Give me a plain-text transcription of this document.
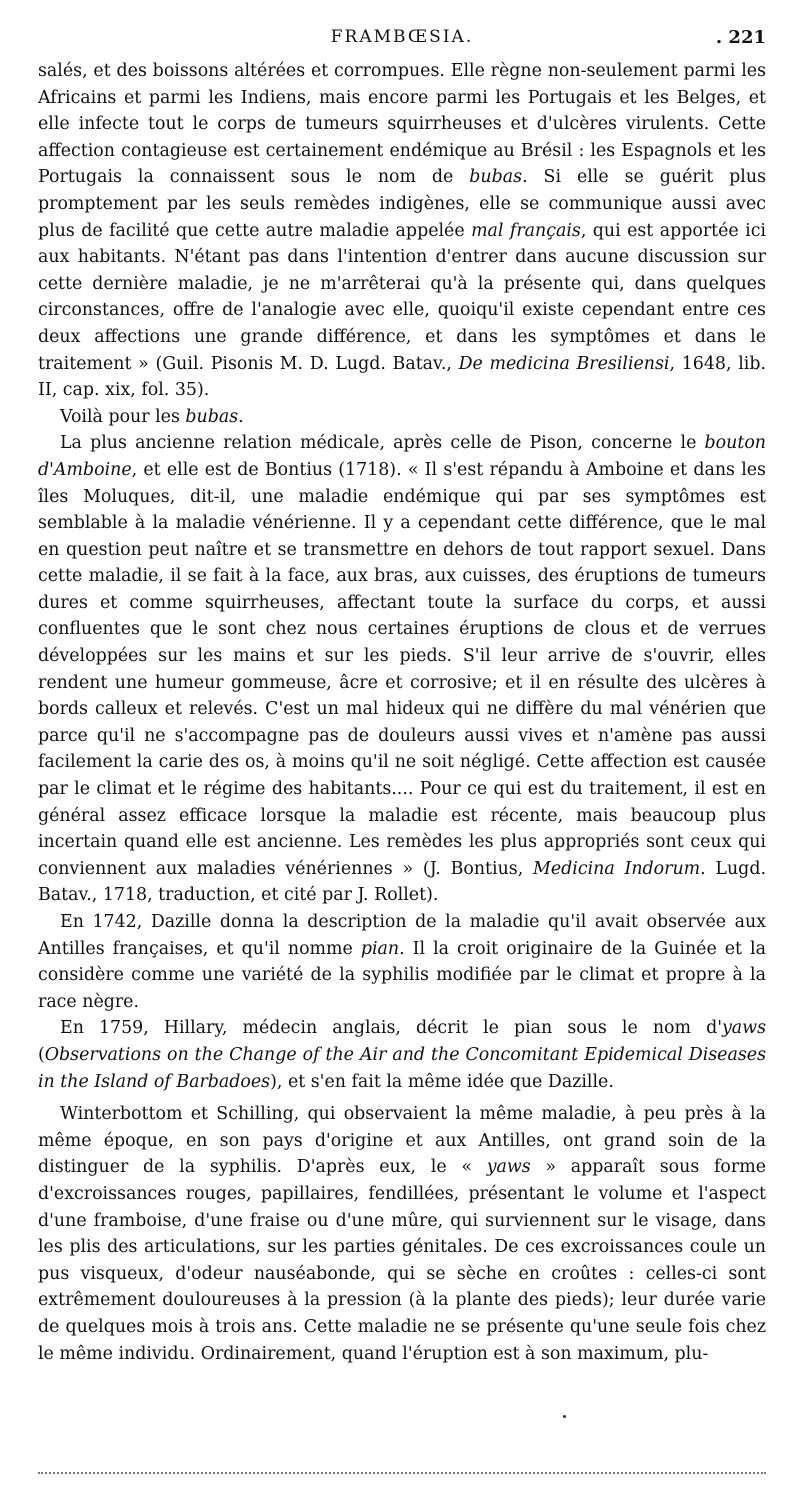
FRAMBŒSIA.	. 221

salés, et des boissons altérées et corrompues. Elle règne non-seulement parmi les Africains et parmi les Indiens, mais encore parmi les Portugais et les Belges, et elle infecte tout le corps de tumeurs squirrheuses et d'ulcères virulents. Cette affection contagieuse est certainement endémique au Brésil : les Espagnols et les Portugais la connaissent sous le nom de bubas. Si elle se guérit plus promptement par les seuls remèdes indigènes, elle se communique aussi avec plus de facilité que cette autre maladie appelée mal français, qui est apportée ici aux habitants. N'étant pas dans l'intention d'entrer dans aucune discussion sur cette dernière maladie, je ne m'arrêterai qu'à la présente qui, dans quelques circonstances, offre de l'analogie avec elle, quoiqu'il existe cependant entre ces deux affections une grande différence, et dans les symptômes et dans le traitement » (Guil. Pisonis M. D. Lugd. Batav., De medicina Bresiliensi, 1648, lib. II, cap. xix, fol. 35).

Voilà pour les bubas.

La plus ancienne relation médicale, après celle de Pison, concerne le bouton d'Amboine, et elle est de Bontius (1718). « Il s'est répandu à Amboine et dans les îles Moluques, dit-il, une maladie endémique qui par ses symptômes est semblable à la maladie vénérienne. Il y a cependant cette différence, que le mal en question peut naître et se transmettre en dehors de tout rapport sexuel. Dans cette maladie, il se fait à la face, aux bras, aux cuisses, des éruptions de tumeurs dures et comme squirrheuses, affectant toute la surface du corps, et aussi confluentes que le sont chez nous certaines éruptions de clous et de verrues développées sur les mains et sur les pieds. S'il leur arrive de s'ouvrir, elles rendent une humeur gommeuse, âcre et corrosive; et il en résulte des ulcères à bords calleux et relevés. C'est un mal hideux qui ne diffère du mal vénérien que parce qu'il ne s'accompagne pas de douleurs aussi vives et n'amène pas aussi facilement la carie des os, à moins qu'il ne soit négligé. Cette affection est causée par le climat et le régime des habitants.... Pour ce qui est du traitement, il est en général assez efficace lorsque la maladie est récente, mais beaucoup plus incertain quand elle est ancienne. Les remèdes les plus appropriés sont ceux qui conviennent aux maladies vénériennes » (J. Bontius, Medicina Indorum. Lugd. Batav., 1718, traduction, et cité par J. Rollet).

En 1742, Dazille donna la description de la maladie qu'il avait observée aux Antilles françaises, et qu'il nomme pian. Il la croit originaire de la Guinée et la considère comme une variété de la syphilis modifiée par le climat et propre à la race nègre.

En 1759, Hillary, médecin anglais, décrit le pian sous le nom d'yaws (Observations on the Change of the Air and the Concomitant Epidemical Diseases in the Island of Barbadoes), et s'en fait la même idée que Dazille.

Winterbottom et Schilling, qui observaient la même maladie, à peu près à la même époque, en son pays d'origine et aux Antilles, ont grand soin de la distinguer de la syphilis. D'après eux, le « yaws » apparaît sous forme d'excroissances rouges, papillaires, fendillées, présentant le volume et l'aspect d'une framboise, d'une fraise ou d'une mûre, qui surviennent sur le visage, dans les plis des articulations, sur les parties génitales. De ces excroissances coule un pus visqueux, d'odeur nauséabonde, qui se sèche en croûtes : celles-ci sont extrêmement douloureuses à la pression (à la plante des pieds); leur durée varie de quelques mois à trois ans. Cette maladie ne se présente qu'une seule fois chez le même individu. Ordinairement, quand l'éruption est à son maximum, plu-
